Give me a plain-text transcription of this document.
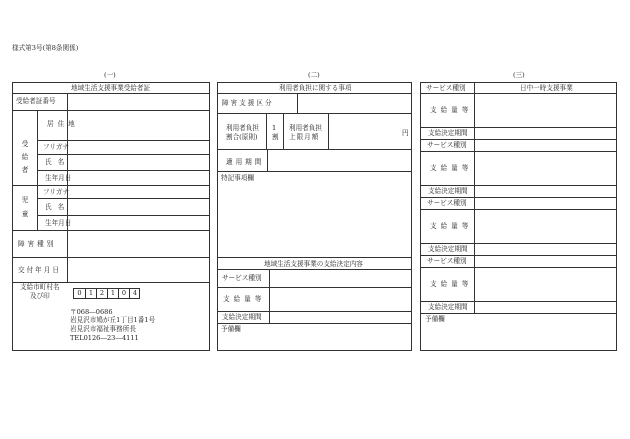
様式第3号(第8条関係)
(一)	(二)	(三)
地域生活支援事業受給者証
受給者証番号
受給者
居住地
フリガナ
氏名
生年月日
児童
フリガナ
氏名
生年月日
障害種別
交付年月日
支給市町村名
及び印	0	1	2	1	0	4
〒068―0686
岩見沢市鳩が丘1丁目1番1号
岩見沢市福祉事務所長
TEL0126―23―4111
利用者負担に関する事項
障害支援区分
利用者負担
割合(原則)
1
割
利用者負担
上限月額	円
適用期間
特記事項欄
地域生活支援事業の支給決定内容
サービス種別
支給量等
支給決定期間
予備欄
サービス種別	日中一時支援事業
支給量等
支給決定期間
サービス種別
支給量等
支給決定期間
サービス種別
支給量等
支給決定期間
サービス種別
支給量等
支給決定期間
予備欄
